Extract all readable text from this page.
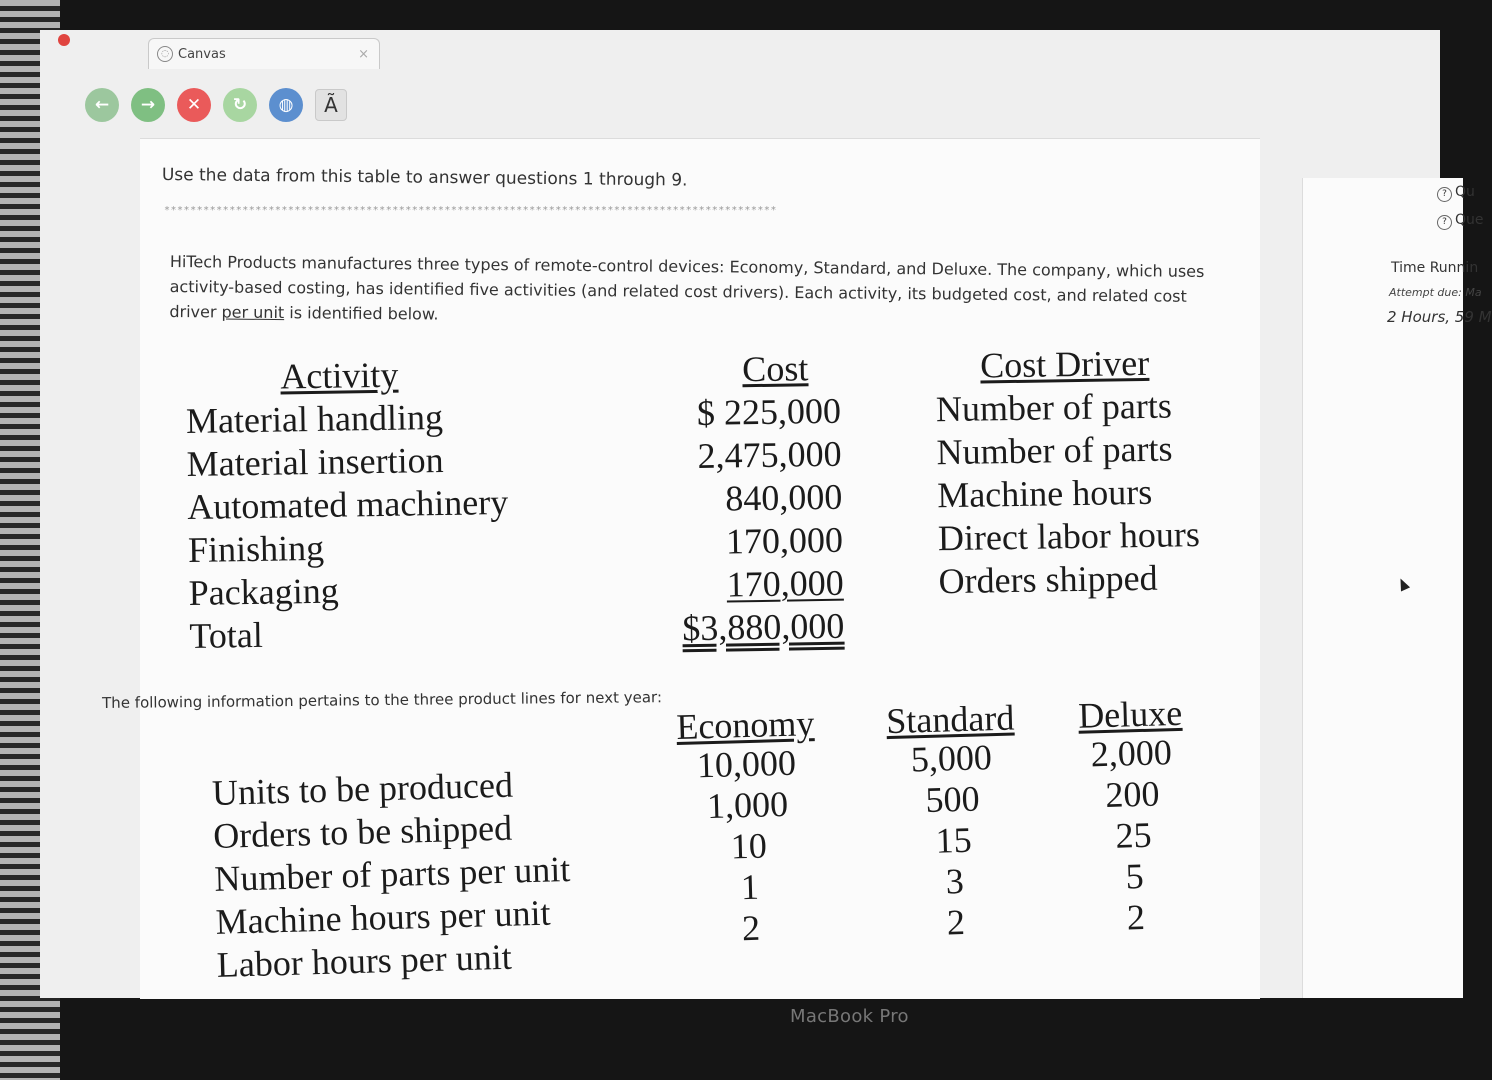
◌ Canvas	×
← → ✕ ↻ ◍ Ã
Use the data from this table to answer questions 1 through 9.
**********************************************************************************************
HiTech Products manufactures three types of remote-control devices: Economy, Standard, and Deluxe. The company, which uses activity-based costing, has identified five activities (and related cost drivers). Each activity, its budgeted cost, and related cost driver per unit is identified below.
Activity
Material handling
Material insertion
Automated machinery
Finishing
Packaging
Total
Cost
$ 225,000
2,475,000
840,000
170,000
170,000
$3,880,000
Cost Driver
Number of parts
Number of parts
Machine hours
Direct labor hours
Orders shipped
? Qu
? Que
Time Runnin
Attempt due: Ma
2 Hours, 59 M
The following information pertains to the three product lines for next year:
Units to be produced
Orders to be shipped
Number of parts per unit
Machine hours per unit
Labor hours per unit
Economy
10,000
1,000
10
1
2
Standard
5,000
500
15
3
2
Deluxe
2,000
200
25
5
2
MacBook Pro
